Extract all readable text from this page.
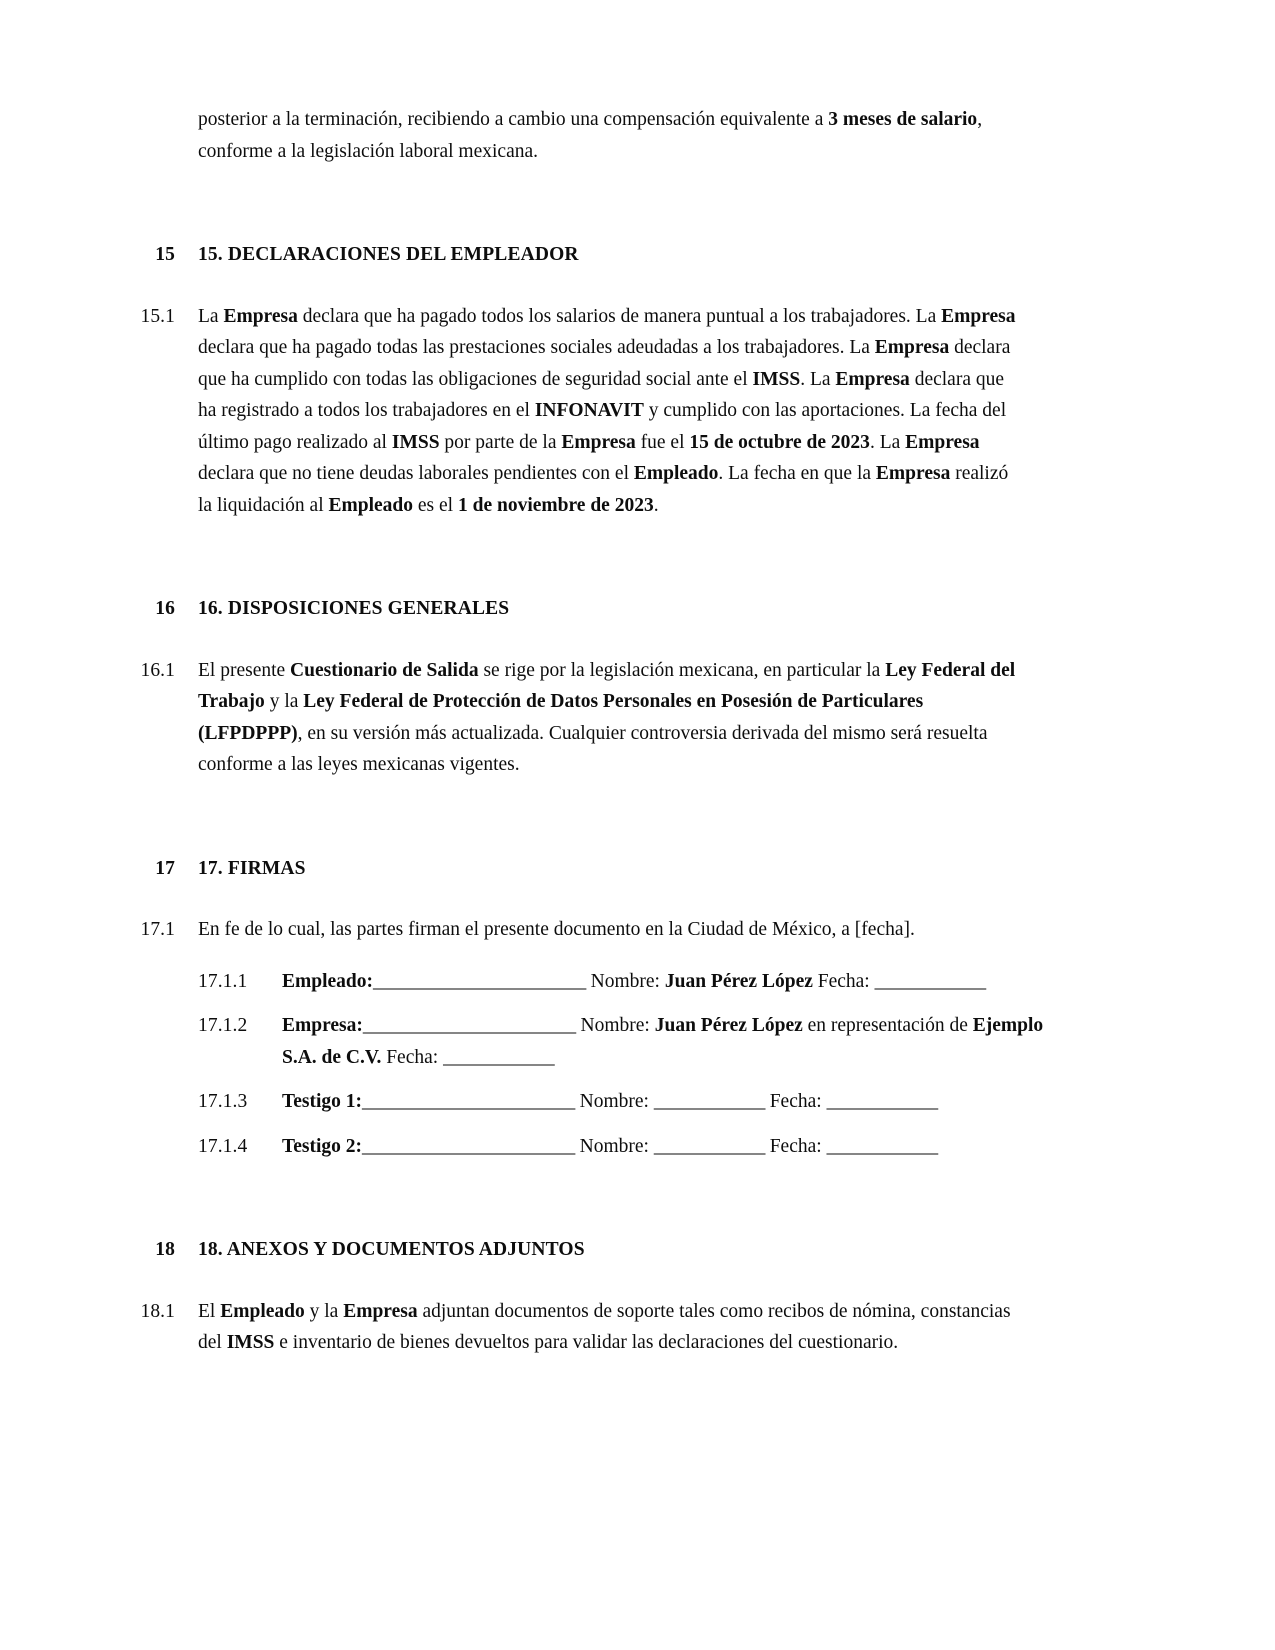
posterior a la terminación, recibiendo a cambio una compensación equivalente a 3 meses de salario, conforme a la legislación laboral mexicana.

15 15. DECLARACIONES DEL EMPLEADOR
15.1 La Empresa declara que ha pagado todos los salarios de manera puntual a los trabajadores. La Empresa declara que ha pagado todas las prestaciones sociales adeudadas a los trabajadores. La Empresa declara que ha cumplido con todas las obligaciones de seguridad social ante el IMSS. La Empresa declara que ha registrado a todos los trabajadores en el INFONAVIT y cumplido con las aportaciones. La fecha del último pago realizado al IMSS por parte de la Empresa fue el 15 de octubre de 2023. La Empresa declara que no tiene deudas laborales pendientes con el Empleado. La fecha en que la Empresa realizó la liquidación al Empleado es el 1 de noviembre de 2023.
16 16. DISPOSICIONES GENERALES
16.1 El presente Cuestionario de Salida se rige por la legislación mexicana, en particular la Ley Federal del Trabajo y la Ley Federal de Protección de Datos Personales en Posesión de Particulares (LFPDPPP), en su versión más actualizada. Cualquier controversia derivada del mismo será resuelta conforme a las leyes mexicanas vigentes.
17 17. FIRMAS
17.1 En fe de lo cual, las partes firman el presente documento en la Ciudad de México, a [fecha].
17.1.1	Empleado:_______________________ Nombre: Juan Pérez López Fecha: ____________
17.1.2	Empresa:_______________________ Nombre: Juan Pérez López en representación de Ejemplo S.A. de C.V. Fecha: ____________
17.1.3	Testigo 1:_______________________ Nombre: ____________ Fecha: ____________
17.1.4	Testigo 2:_______________________ Nombre: ____________ Fecha: ____________
18 18. ANEXOS Y DOCUMENTOS ADJUNTOS
18.1 El Empleado y la Empresa adjuntan documentos de soporte tales como recibos de nómina, constancias del IMSS e inventario de bienes devueltos para validar las declaraciones del cuestionario.
